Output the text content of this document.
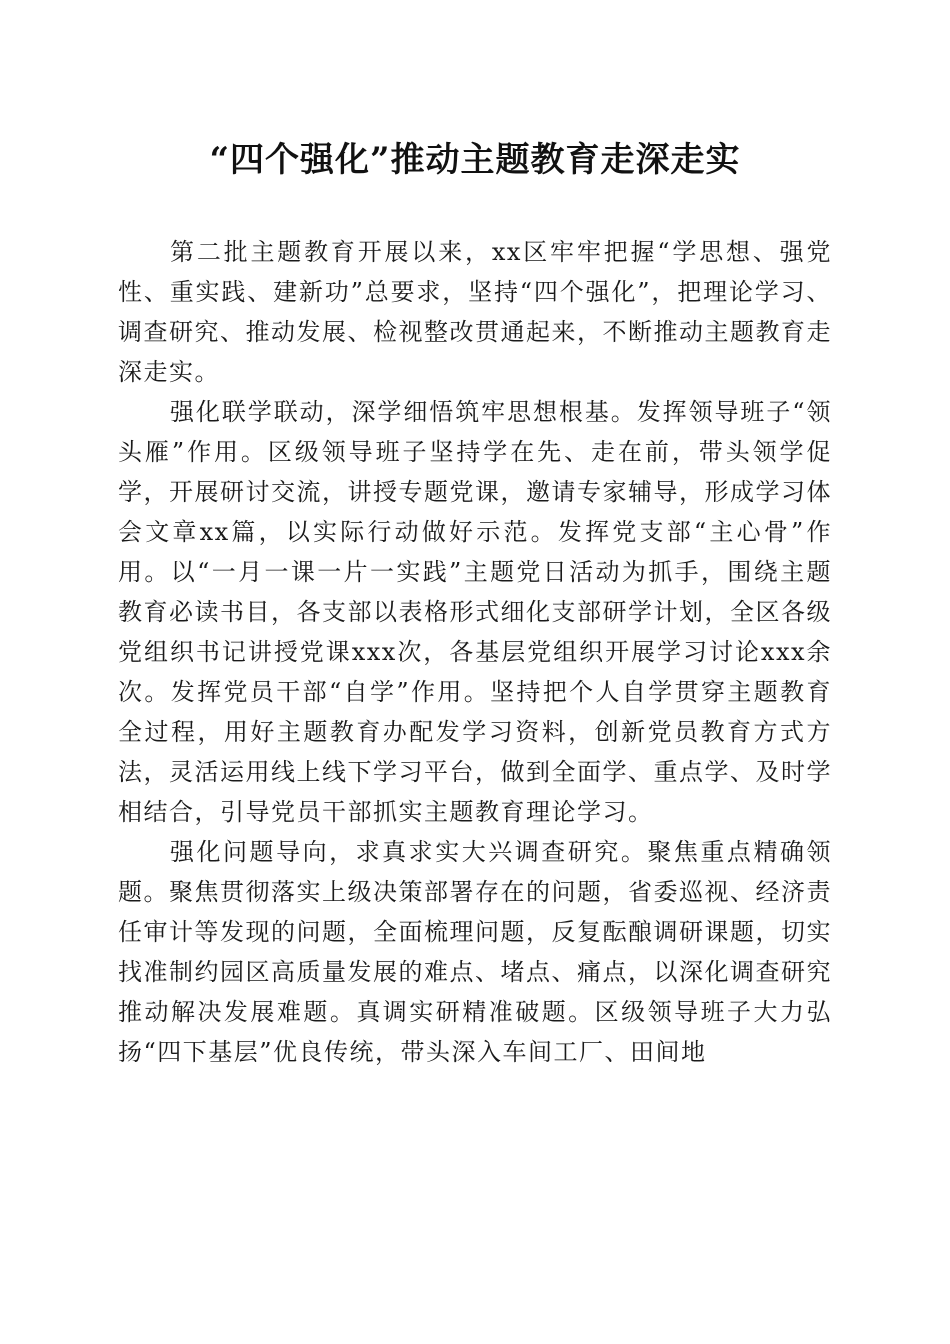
“四个强化”推动主题教育走深走实

第二批主题教育开展以来，xx区牢牢把握“学思想、强党性、重实践、建新功”总要求，坚持“四个强化”，把理论学习、调查研究、推动发展、检视整改贯通起来，不断推动主题教育走深走实。

强化联学联动，深学细悟筑牢思想根基。发挥领导班子“领头雁”作用。区级领导班子坚持学在先、走在前，带头领学促学，开展研讨交流，讲授专题党课，邀请专家辅导，形成学习体会文章xx篇，以实际行动做好示范。发挥党支部“主心骨”作用。以“一月一课一片一实践”主题党日活动为抓手，围绕主题教育必读书目，各支部以表格形式细化支部研学计划，全区各级党组织书记讲授党课xxx次，各基层党组织开展学习讨论xxx余次。发挥党员干部“自学”作用。坚持把个人自学贯穿主题教育全过程，用好主题教育办配发学习资料，创新党员教育方式方法，灵活运用线上线下学习平台，做到全面学、重点学、及时学相结合，引导党员干部抓实主题教育理论学习。

强化问题导向，求真求实大兴调查研究。聚焦重点精确领题。聚焦贯彻落实上级决策部署存在的问题，省委巡视、经济责任审计等发现的问题，全面梳理问题，反复酝酿调研课题，切实找准制约园区高质量发展的难点、堵点、痛点，以深化调查研究推动解决发展难题。真调实研精准破题。区级领导班子大力弘扬“四下基层”优良传统，带头深入车间工厂、田间地
